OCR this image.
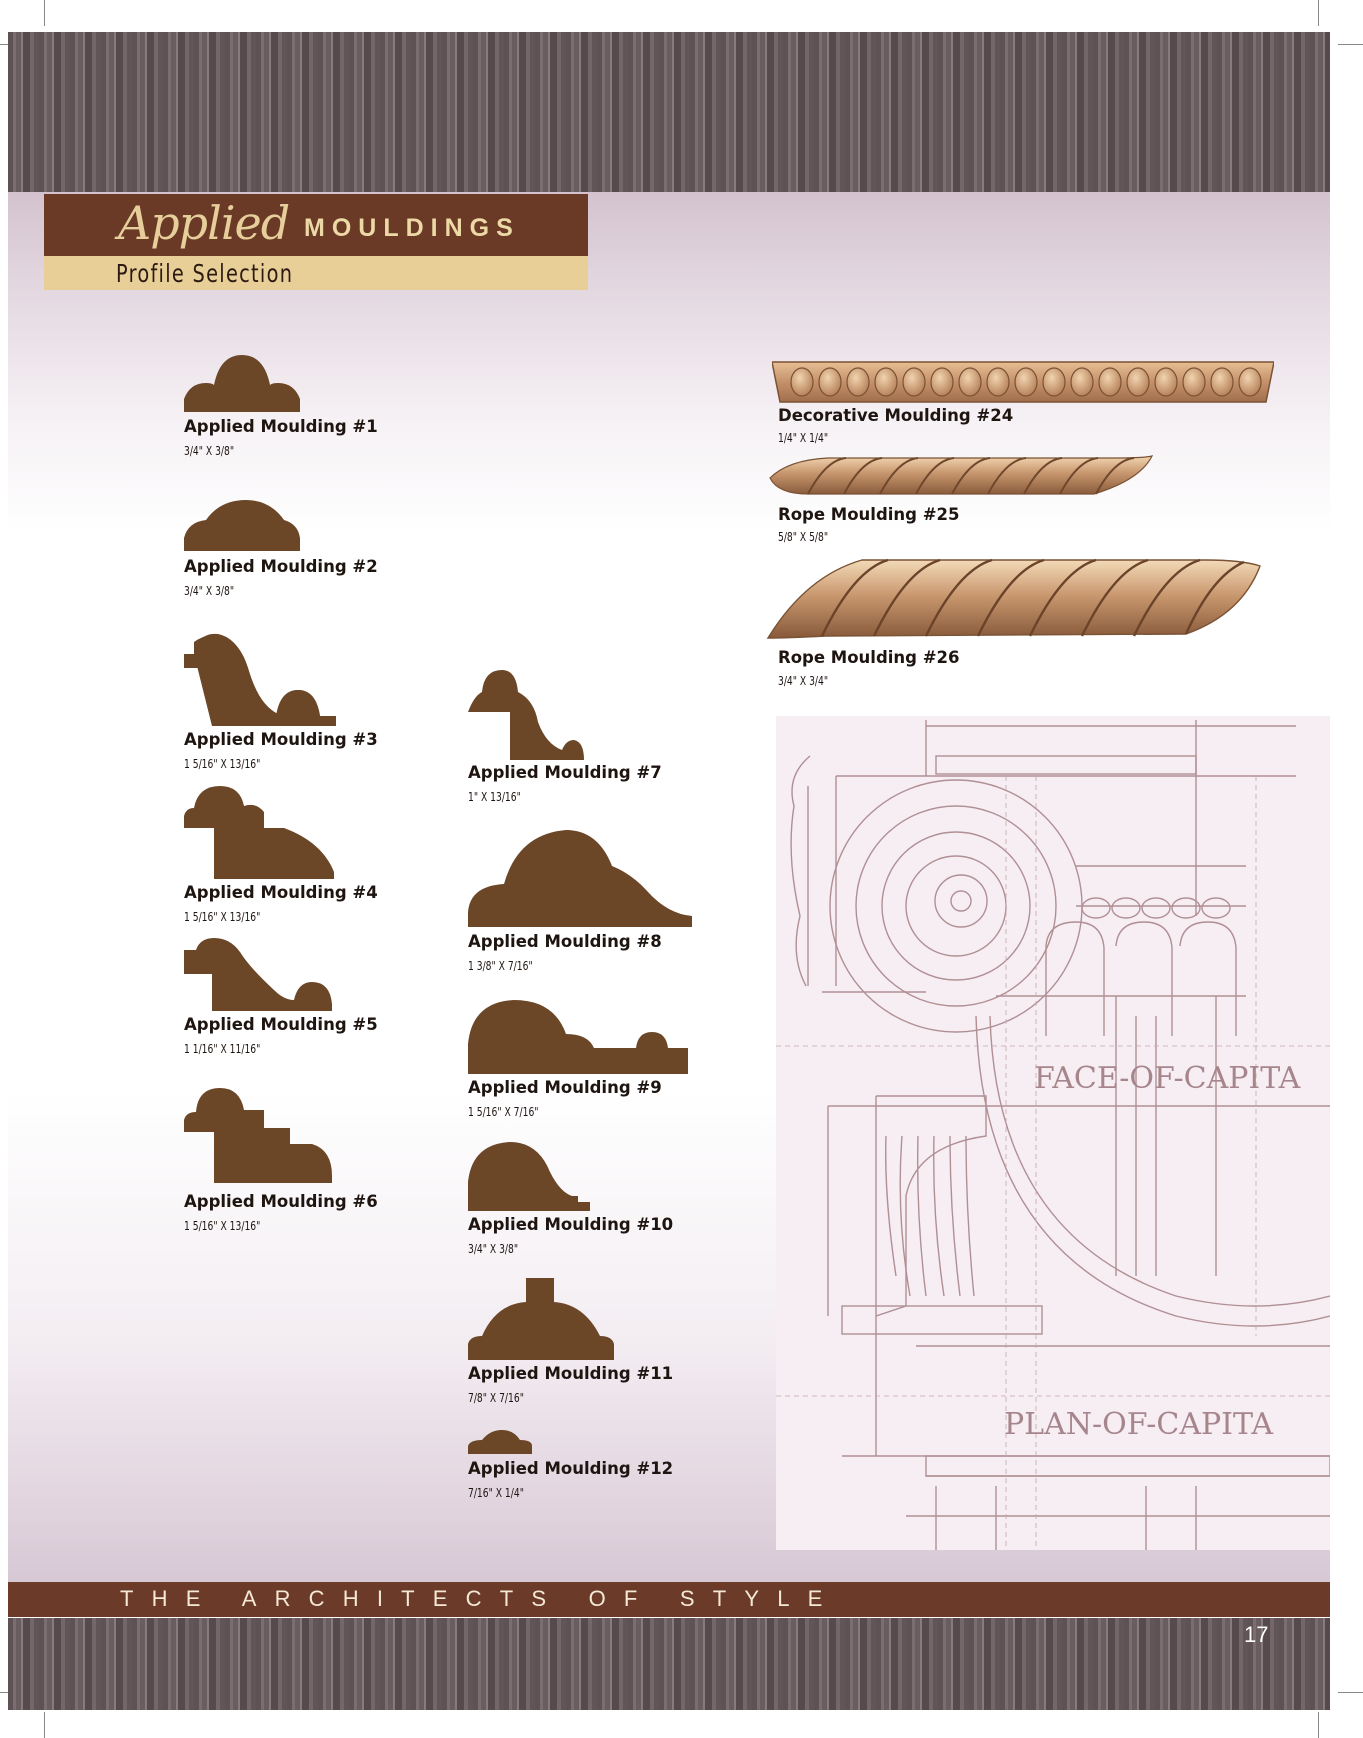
Applied MOULDINGS
Profile Selection
Applied Moulding #1
3/4" X 3/8"
Applied Moulding #2
3/4" X 3/8"
Applied Moulding #3
1 5/16" X 13/16"
Applied Moulding #4
1 5/16" X 13/16"
Applied Moulding #5
1 1/16" X 11/16"
Applied Moulding #6
1 5/16" X 13/16"
Applied Moulding #7
1" X 13/16"
Applied Moulding #8
1 3/8" X 7/16"
Applied Moulding #9
1 5/16" X 7/16"
Applied Moulding #10
3/4" X 3/8"
Applied Moulding #11
7/8" X 7/16"
Applied Moulding #12
7/16" X 1/4"
Decorative Moulding #24
1/4" X 1/4"
Rope Moulding #25
5/8" X 5/8"
Rope Moulding #26
3/4" X 3/4"
FACE-OF-CAPITA
PLAN-OF-CAPITA
THE ARCHITECTS OF STYLE
17
